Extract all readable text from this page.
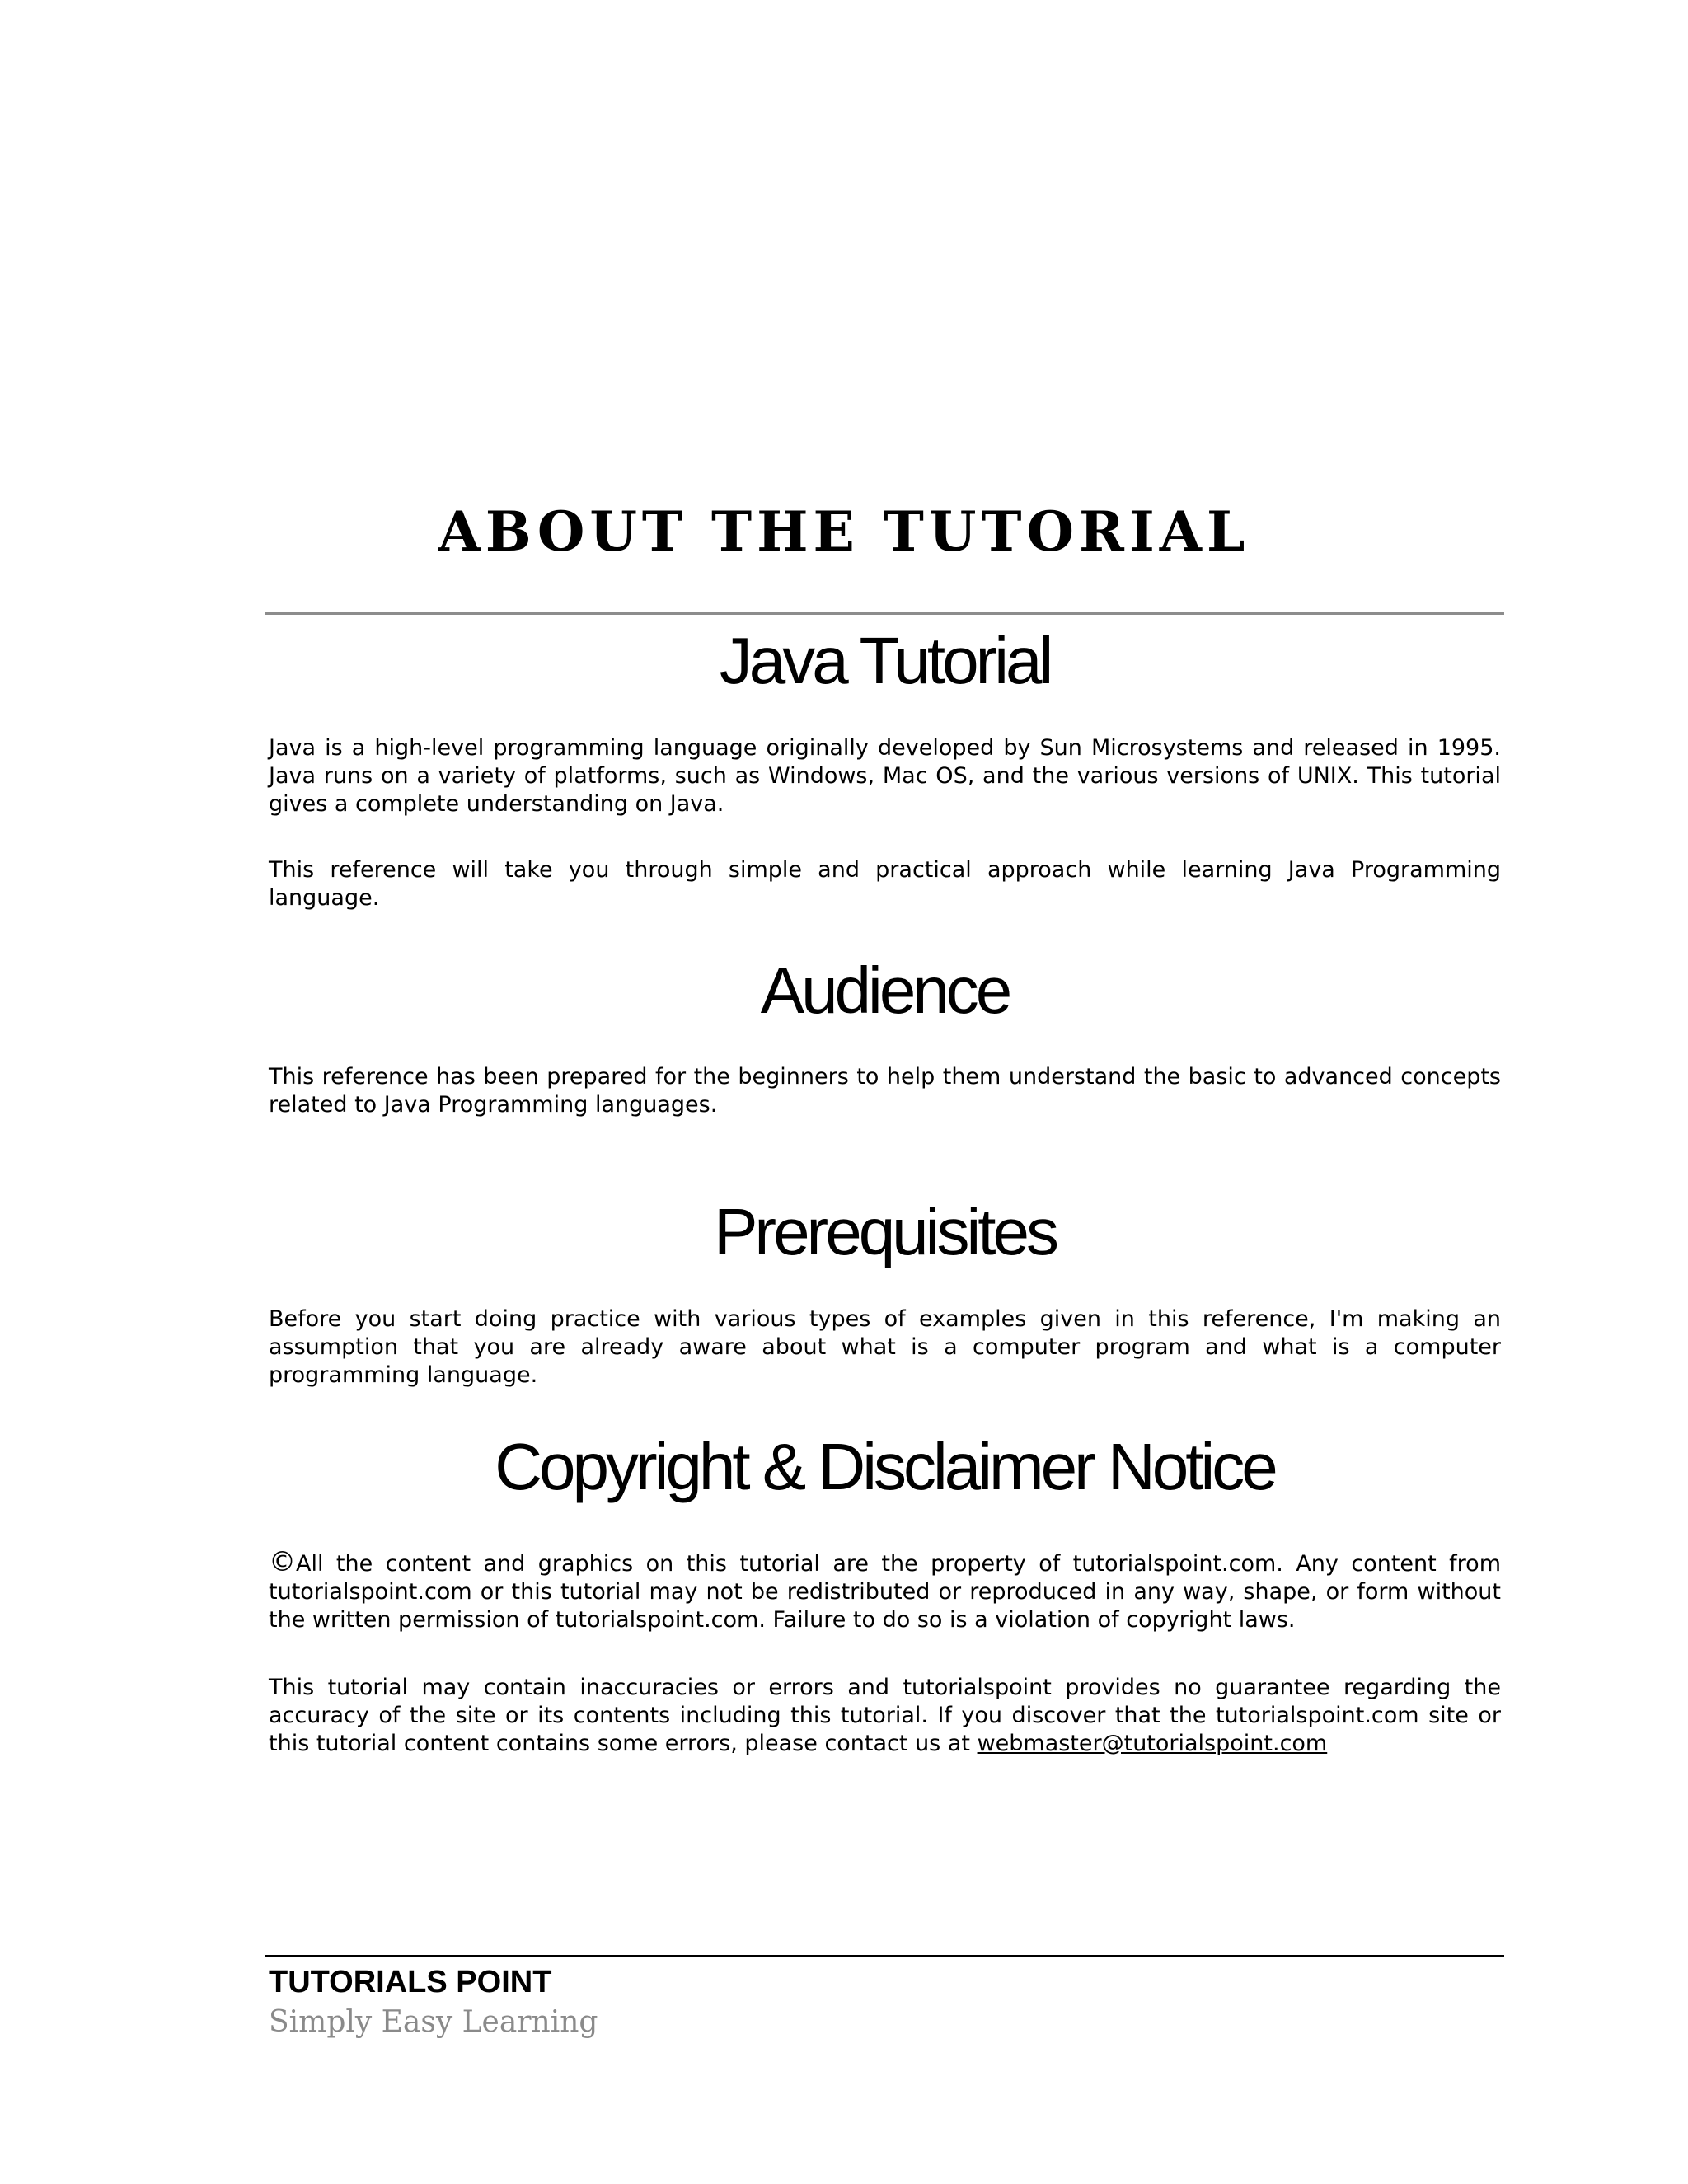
ABOUT THE TUTORIAL
Java Tutorial

Java is a high-level programming language originally developed by Sun Microsystems and released in 1995. Java runs on a variety of platforms, such as Windows, Mac OS, and the various versions of UNIX. This tutorial gives a complete understanding on Java.

This reference will take you through simple and practical approach while learning Java Programming language.

Audience

This reference has been prepared for the beginners to help them understand the basic to advanced concepts related to Java Programming languages.

Prerequisites

Before you start doing practice with various types of examples given in this reference, I'm making an assumption that you are already aware about what is a computer program and what is a computer programming language.

Copyright & Disclaimer Notice

©All the content and graphics on this tutorial are the property of tutorialspoint.com. Any content from tutorialspoint.com or this tutorial may not be redistributed or reproduced in any way, shape, or form without the written permission of tutorialspoint.com. Failure to do so is a violation of copyright laws.

This tutorial may contain inaccuracies or errors and tutorialspoint provides no guarantee regarding the accuracy of the site or its contents including this tutorial. If you discover that the tutorialspoint.com site or this tutorial content contains some errors, please contact us at webmaster@tutorialspoint.com

TUTORIALS POINT
Simply Easy Learning
